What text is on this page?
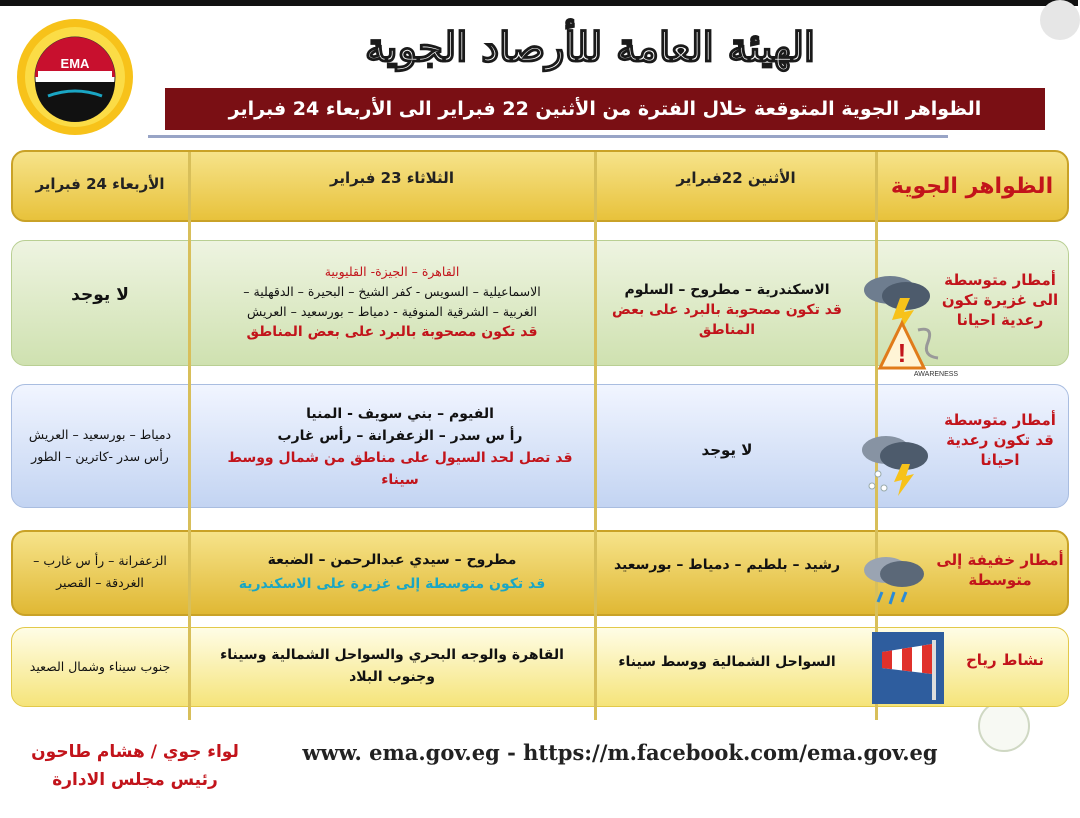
EMA	الهيئة العامة للأرصاد الجوية
الظواهر الجوية المتوقعة خلال الفترة من الأثنين 22 فبراير الى الأربعاء 24 فبراير
الظواهر الجوية
الأثنين 22فبراير
الثلاثاء 23 فبراير
الأربعاء 24 فبراير
أمطار متوسطة الى غزيرة تكون رعدية احيانا
!
AWARENESS
الاسكندرية – مطروح – السلوم
قد تكون مصحوبة بالبرد على بعض المناطق
القاهرة – الجيزة- القليوبية
الاسماعيلية – السويس - كفر الشيخ – البحيرة – الدقهلية –
الغربية – الشرقية المنوفية - دمياط – بورسعيد – العريش
قد تكون مصحوبة بالبرد على بعض المناطق
لا يوجد
أمطار متوسطة قد تكون رعدية احيانا
لا يوجد
الفيوم – بني سويف - المنيا
رأ س سدر – الزعفرانة – رأس غارب
قد تصل لحد السيول على مناطق من شمال ووسط سيناء
دمياط – بورسعيد – العريش
رأس سدر -كاترين – الطور
أمطار خفيفة إلى متوسطة
رشيد – بلطيم – دمياط – بورسعيد
مطروح – سيدي عبدالرحمن – الضبعة
قد تكون متوسطة إلى غزيرة على الاسكندرية
الزعفرانة – رأ س غارب –
الغردقة – القصير
نشاط رياح
السواحل الشمالية ووسط سيناء
القاهرة والوجه البحري والسواحل الشمالية وسيناء
وجنوب البلاد
جنوب سيناء وشمال الصعيد
www. ema.gov.eg - https://m.facebook.com/ema.gov.eg
لواء جوي / هشام طاحون
رئيس مجلس الادارة
